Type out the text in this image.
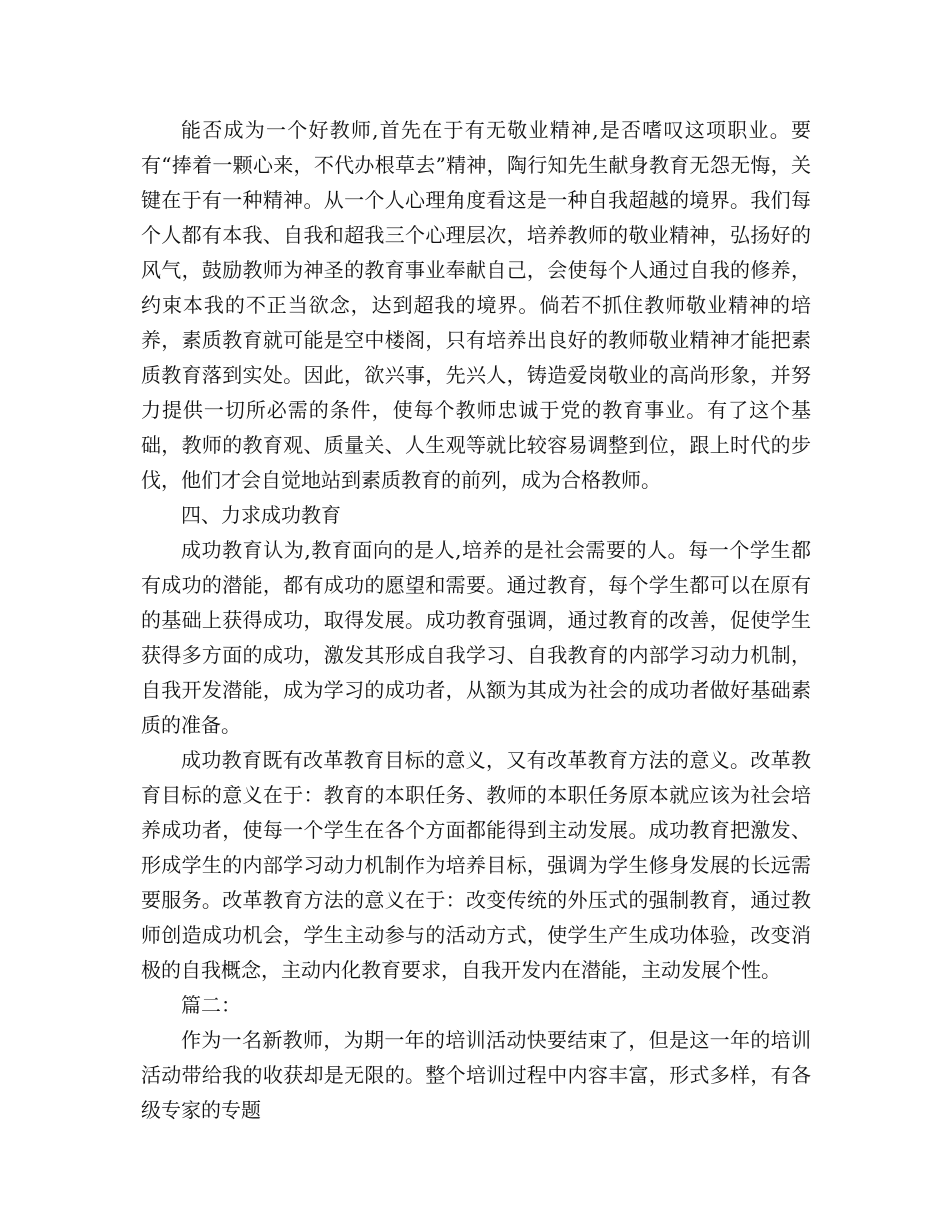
能否成为一个好教师,首先在于有无敬业精神,是否嗜叹这项职业。要有“捧着一颗心来，不代办根草去”精神，陶行知先生献身教育无怨无悔，关键在于有一种精神。从一个人心理角度看这是一种自我超越的境界。我们每个人都有本我、自我和超我三个心理层次，培养教师的敬业精神，弘扬好的风气，鼓励教师为神圣的教育事业奉献自己，会使每个人通过自我的修养，约束本我的不正当欲念，达到超我的境界。倘若不抓住教师敬业精神的培养，素质教育就可能是空中楼阁，只有培养出良好的教师敬业精神才能把素质教育落到实处。因此，欲兴事，先兴人，铸造爱岗敬业的高尚形象，并努力提供一切所必需的条件，使每个教师忠诚于党的教育事业。有了这个基础，教师的教育观、质量关、人生观等就比较容易调整到位，跟上时代的步伐，他们才会自觉地站到素质教育的前列，成为合格教师。

四、力求成功教育

成功教育认为,教育面向的是人,培养的是社会需要的人。每一个学生都有成功的潜能，都有成功的愿望和需要。通过教育，每个学生都可以在原有的基础上获得成功，取得发展。成功教育强调，通过教育的改善，促使学生获得多方面的成功，激发其形成自我学习、自我教育的内部学习动力机制，自我开发潜能，成为学习的成功者，从额为其成为社会的成功者做好基础素质的准备。

成功教育既有改革教育目标的意义，又有改革教育方法的意义。改革教育目标的意义在于：教育的本职任务、教师的本职任务原本就应该为社会培养成功者，使每一个学生在各个方面都能得到主动发展。成功教育把激发、形成学生的内部学习动力机制作为培养目标，强调为学生修身发展的长远需要服务。改革教育方法的意义在于：改变传统的外压式的强制教育，通过教师创造成功机会，学生主动参与的活动方式，使学生产生成功体验，改变消极的自我概念，主动内化教育要求，自我开发内在潜能，主动发展个性。

篇二：

作为一名新教师，为期一年的培训活动快要结束了，但是这一年的培训活动带给我的收获却是无限的。整个培训过程中内容丰富，形式多样，有各级专家的专题
